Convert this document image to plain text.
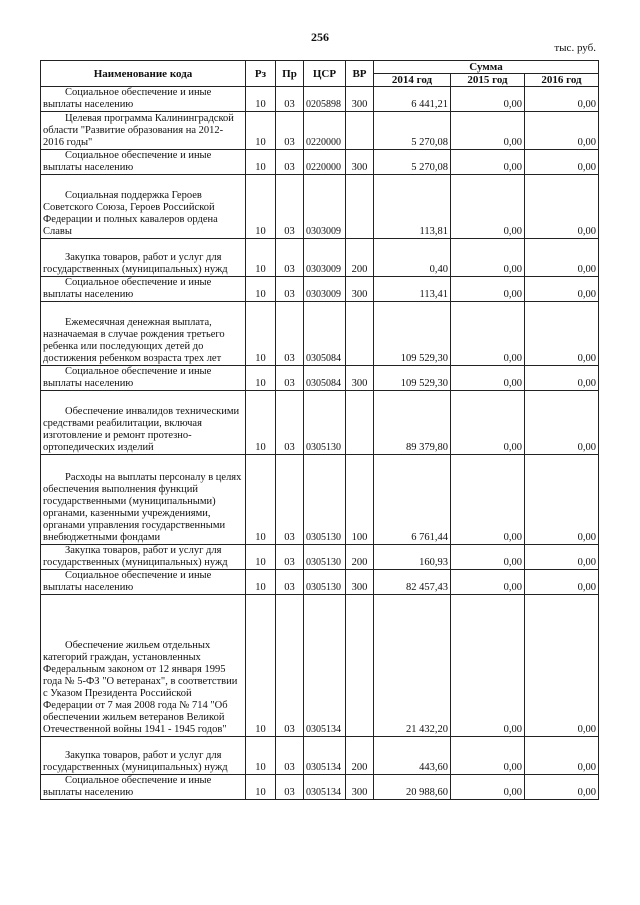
256
тыс. руб.
Наименование кода	Рз	Пр	ЦСР	ВР	Сумма		
					2014 год	2015 год	2016 год

Социальное обеспечение и иные выплаты населению	10	03	0205898	300	6 441,21	0,00	0,00

Целевая программа Калининградской области "Развитие образования на 2012-2016 годы"	10	03	0220000		5 270,08	0,00	0,00

Социальное обеспечение и иные выплаты населению	10	03	0220000	300	5 270,08	0,00	0,00

Социальная поддержка Героев Советского Союза, Героев Российской Федерации и полных кавалеров ордена Славы	10	03	0303009		113,81	0,00	0,00

Закупка товаров, работ и услуг для государственных (муниципальных) нужд	10	03	0303009	200	0,40	0,00	0,00

Социальное обеспечение и иные выплаты населению	10	03	0303009	300	113,41	0,00	0,00

Ежемесячная денежная выплата, назначаемая в случае рождения третьего ребенка или последующих детей до достижения ребенком возраста трех лет	10	03	0305084		109 529,30	0,00	0,00

Социальное обеспечение и иные выплаты населению	10	03	0305084	300	109 529,30	0,00	0,00

Обеспечение инвалидов техническими средствами реабилитации, включая изготовление и ремонт протезно-ортопедических изделий	10	03	0305130		89 379,80	0,00	0,00

Расходы на выплаты персоналу в целях обеспечения выполнения функций государственными (муниципальными) органами, казенными учреждениями, органами управления государственными внебюджетными фондами	10	03	0305130	100	6 761,44	0,00	0,00

Закупка товаров, работ и услуг для государственных (муниципальных) нужд	10	03	0305130	200	160,93	0,00	0,00

Социальное обеспечение и иные выплаты населению	10	03	0305130	300	82 457,43	0,00	0,00

Обеспечение жильем отдельных категорий граждан, установленных Федеральным законом от 12 января 1995 года № 5-ФЗ "О ветеранах", в соответствии с Указом Президента Российской Федерации от 7 мая 2008 года № 714 "Об обеспечении жильем ветеранов Великой Отечественной войны 1941 - 1945 годов"	10	03	0305134		21 432,20	0,00	0,00

Закупка товаров, работ и услуг для государственных (муниципальных) нужд	10	03	0305134	200	443,60	0,00	0,00

Социальное обеспечение и иные выплаты населению	10	03	0305134	300	20 988,60	0,00	0,00
